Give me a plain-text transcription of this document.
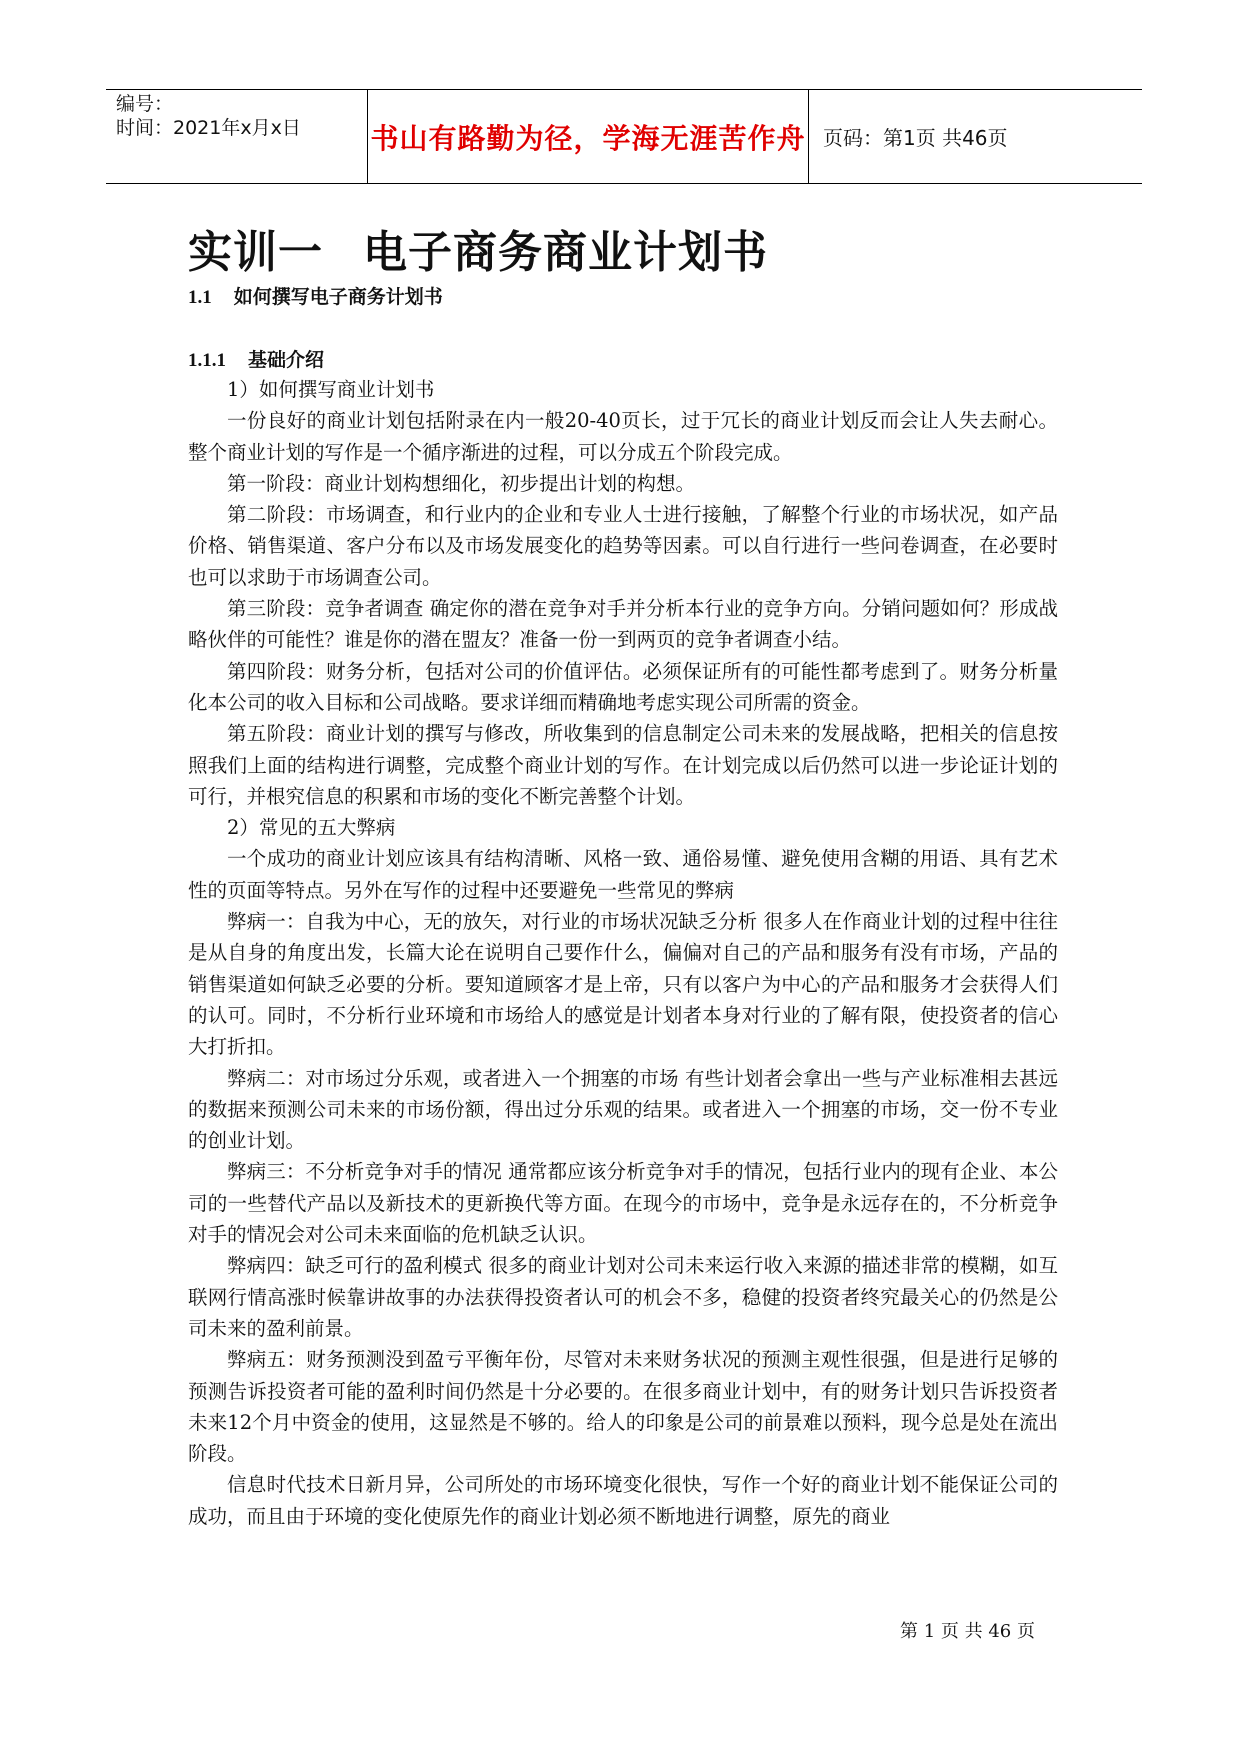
编号：
时间：2021年x月x日	书山有路勤为径，学海无涯苦作舟 页码：第1页 共46页
实训一 电子商务商业计划书
1.1 如何撰写电子商务计划书
1.1.1 基础介绍

1）如何撰写商业计划书

一份良好的商业计划包括附录在内一般20-40页长，过于冗长的商业计划反而会让人失去耐心。整个商业计划的写作是一个循序渐进的过程，可以分成五个阶段完成。

第一阶段：商业计划构想细化，初步提出计划的构想。

第二阶段：市场调查，和行业内的企业和专业人士进行接触，了解整个行业的市场状况，如产品价格、销售渠道、客户分布以及市场发展变化的趋势等因素。可以自行进行一些问卷调查，在必要时也可以求助于市场调查公司。

第三阶段：竞争者调查 确定你的潜在竞争对手并分析本行业的竞争方向。分销问题如何？形成战略伙伴的可能性？谁是你的潜在盟友？准备一份一到两页的竞争者调查小结。

第四阶段：财务分析，包括对公司的价值评估。必须保证所有的可能性都考虑到了。财务分析量化本公司的收入目标和公司战略。要求详细而精确地考虑实现公司所需的资金。

第五阶段：商业计划的撰写与修改，所收集到的信息制定公司未来的发展战略，把相关的信息按照我们上面的结构进行调整，完成整个商业计划的写作。在计划完成以后仍然可以进一步论证计划的可行，并根究信息的积累和市场的变化不断完善整个计划。

2）常见的五大弊病

一个成功的商业计划应该具有结构清晰、风格一致、通俗易懂、避免使用含糊的用语、具有艺术性的页面等特点。另外在写作的过程中还要避免一些常见的弊病

弊病一：自我为中心，无的放矢，对行业的市场状况缺乏分析 很多人在作商业计划的过程中往往是从自身的角度出发，长篇大论在说明自己要作什么，偏偏对自己的产品和服务有没有市场，产品的销售渠道如何缺乏必要的分析。要知道顾客才是上帝，只有以客户为中心的产品和服务才会获得人们的认可。同时，不分析行业环境和市场给人的感觉是计划者本身对行业的了解有限，使投资者的信心大打折扣。

弊病二：对市场过分乐观，或者进入一个拥塞的市场 有些计划者会拿出一些与产业标准相去甚远的数据来预测公司未来的市场份额，得出过分乐观的结果。或者进入一个拥塞的市场，交一份不专业的创业计划。

弊病三：不分析竞争对手的情况 通常都应该分析竞争对手的情况，包括行业内的现有企业、本公司的一些替代产品以及新技术的更新换代等方面。在现今的市场中，竞争是永远存在的，不分析竞争对手的情况会对公司未来面临的危机缺乏认识。

弊病四：缺乏可行的盈利模式 很多的商业计划对公司未来运行收入来源的描述非常的模糊，如互联网行情高涨时候靠讲故事的办法获得投资者认可的机会不多，稳健的投资者终究最关心的仍然是公司未来的盈利前景。

弊病五：财务预测没到盈亏平衡年份，尽管对未来财务状况的预测主观性很强，但是进行足够的预测告诉投资者可能的盈利时间仍然是十分必要的。在很多商业计划中，有的财务计划只告诉投资者未来12个月中资金的使用，这显然是不够的。给人的印象是公司的前景难以预料，现今总是处在流出阶段。

信息时代技术日新月异，公司所处的市场环境变化很快，写作一个好的商业计划不能保证公司的成功，而且由于环境的变化使原先作的商业计划必须不断地进行调整，原先的商业

第 1 页 共 46 页
